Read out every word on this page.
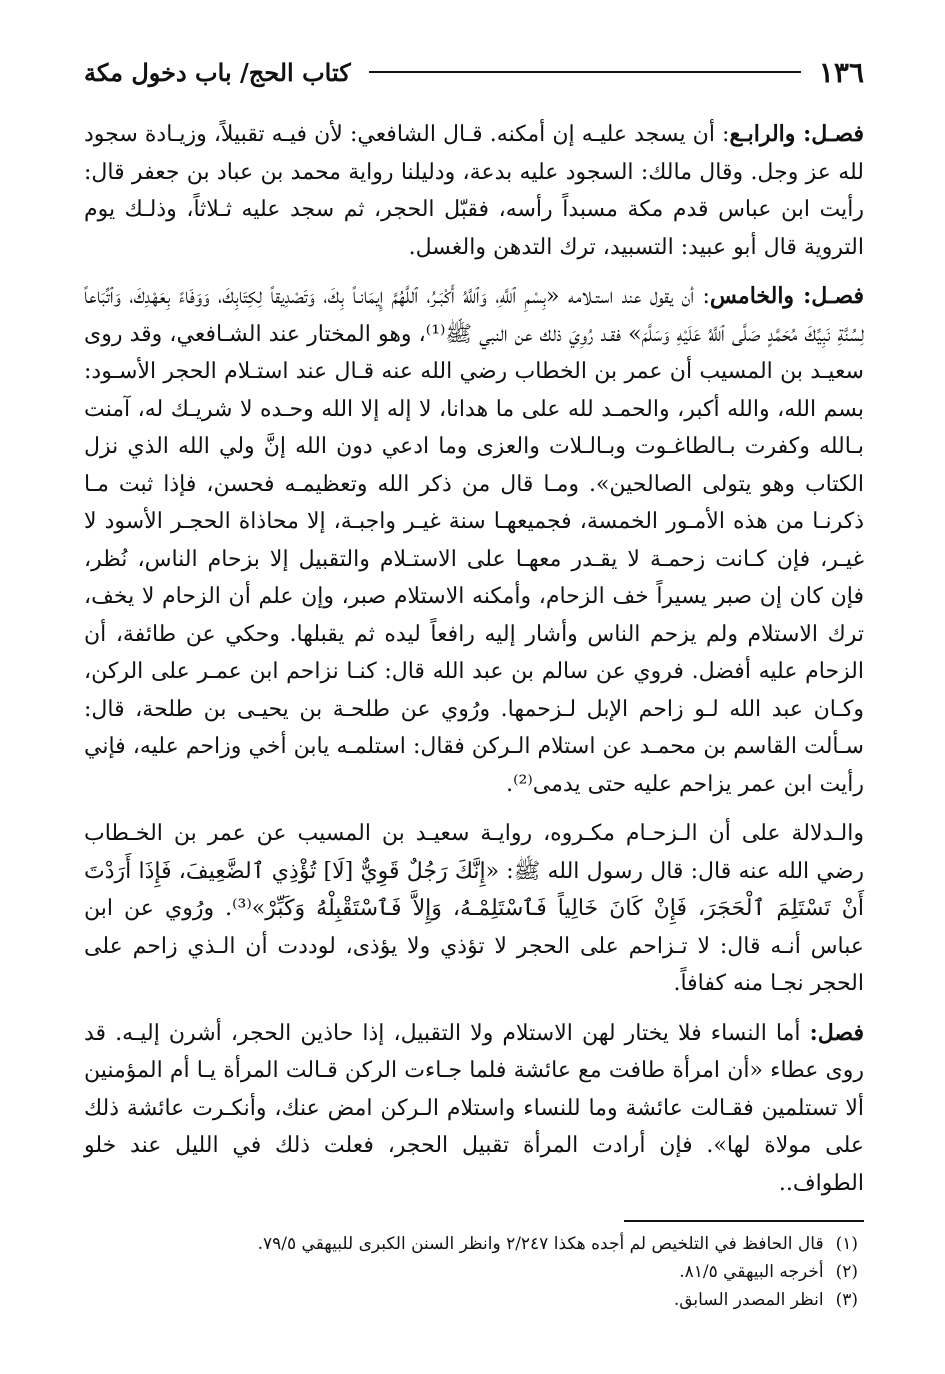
١٣٦
كتاب الحج/ باب دخول مكة

فصـل: والرابـع: أن يسجد عليـه إن أمكنه. قـال الشافعي: لأن فيـه تقبيلاً، وزيـادة سجود لله عز وجل. وقال مالك: السجود عليه بدعة، ودليلنا رواية محمد بن عباد بن جعفر قال: رأيت ابن عباس قدم مكة مسبداً رأسه، فقبّل الحجر، ثم سجد عليه ثـلاثاً، وذلـك يوم التروية قال أبو عبيد: التسبيد، ترك التدهن والغسل.

فصـل: والخامس: أن يقول عند استـلامه «بِسْمِ ٱللَّهِ، وَٱللَّهُ أَكْبَـرُ، ٱللَّهُمَّ إِيمَانـاً بِكَ، وَتَصْدِيقاً لِكِتَابِكَ، وَوَفَاءً بِعَهْدِكَ، وَٱتِّبَاعاً لِسُنَّةِ نَبِيِّكَ مُحَمَّدٍ صَلَّى ٱللَّهُ عَلَيْهِ وَسَلَّمَ» فقـد رُوِيَ ذلك عن النبي ﷺ⁽¹⁾، وهو المختار عند الشـافعي، وقد روى سعيـد بن المسيب أن عمر بن الخطاب رضي الله عنه قـال عند استـلام الحجر الأسـود: بسم الله، والله أكبر، والحمـد لله على ما هدانا، لا إله إلا الله وحـده لا شريـك له، آمنت بـالله وكفرت بـالطاغـوت وبـالـلات والعزى وما ادعي دون الله إنَّ ولي الله الذي نزل الكتاب وهو يتولى الصالحين». ومـا قال من ذكر الله وتعظيمـه فحسن، فإذا ثبت مـا ذكرنـا من هذه الأمـور الخمسة، فجميعهـا سنة غيـر واجبـة، إلا محاذاة الحجـر الأسود لا غيـر، فإن كـانت زحمـة لا يقـدر معهـا على الاستـلام والتقبيل إلا بزحام الناس، نُظر، فإن كان إن صبر يسيراً خف الزحام، وأمكنه الاستلام صبر، وإن علم أن الزحام لا يخف، ترك الاستلام ولم يزحم الناس وأشار إليه رافعاً ليده ثم يقبلها. وحكي عن طائفة، أن الزحام عليه أفضل. فروي عن سالم بن عبد الله قال: كنـا نزاحم ابن عمـر على الركن، وكـان عبد الله لـو زاحم الإبل لـزحمها. ورُوي عن طلحـة بن يحيـى بن طلحة، قال: سـألت القاسم بن محمـد عن استلام الـركن فقال: استلمـه يابن أخي وزاحم عليه، فإني رأيت ابن عمر يزاحم عليه حتى يدمى⁽²⁾.

والـدلالة على أن الـزحـام مكـروه، روايـة سعيـد بن المسيب عن عمر بن الخـطاب رضي الله عنه قال: قال رسول الله ﷺ: «إِنَّكَ رَجُلٌ قَوِيٌّ [لَا] تُؤْذِي ٱلضَّعِيفَ، فَإِذَا أَرَدْتَ أَنْ تَسْتَلِمَ ٱلْحَجَرَ، فَإِنْ كَانَ خَالِياً فَٱسْتَلِمْـهُ، وَإِلاَّ فَٱسْتَقْبِلْهُ وَكَبِّرْ»⁽³⁾. ورُوي عن ابن عباس أنـه قال: لا تـزاحم على الحجر لا تؤذي ولا يؤذى، لوددت أن الـذي زاحم على الحجر نجـا منه كفافاً.

فصل: أما النساء فلا يختار لهن الاستلام ولا التقبيل، إذا حاذين الحجر، أشرن إليـه. قد روى عطاء «أن امرأة طافت مع عائشة فلما جـاءت الركن قـالت المرأة يـا أم المؤمنين ألا تستلمين فقـالت عائشة وما للنساء واستلام الـركن امض عنك، وأنكـرت عائشة ذلك على مولاة لها». فإن أرادت المرأة تقبيل الحجر، فعلت ذلك في الليل عند خلو الطواف..

(١)
قال الحافظ في التلخيص لم أجده هكذا ٢/٢٤٧ وانظر السنن الكبرى للبيهقي ٧٩/٥.
(٢)
أخرجه البيهقي ٨١/٥.
(٣)
انظر المصدر السابق.
